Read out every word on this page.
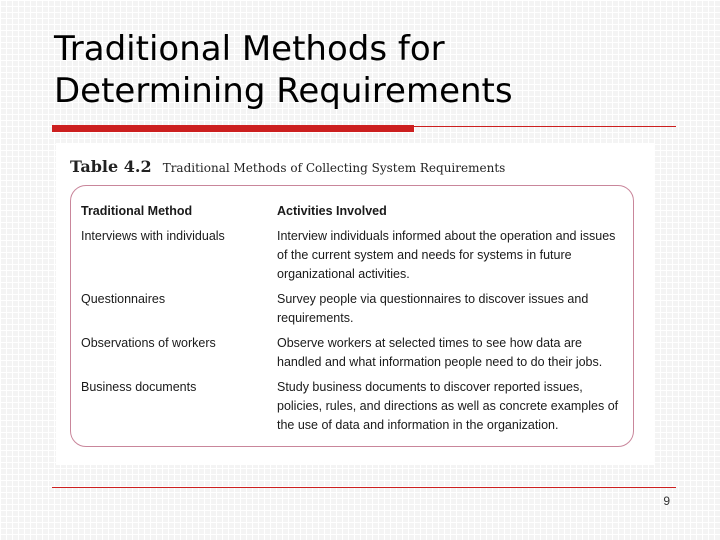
Traditional Methods for
Determining Requirements
Table 4.2 Traditional Methods of Collecting System Requirements
Traditional Method	Activities Involved
Interviews with individuals	Interview individuals informed about the operation and issues of the current system and needs for systems in future organizational activities.
Questionnaires	Survey people via questionnaires to discover issues and requirements.
Observations of workers	Observe workers at selected times to see how data are handled and what information people need to do their jobs.
Business documents	Study business documents to discover reported issues, policies, rules, and directions as well as concrete examples of the use of data and information in the organization.
9
